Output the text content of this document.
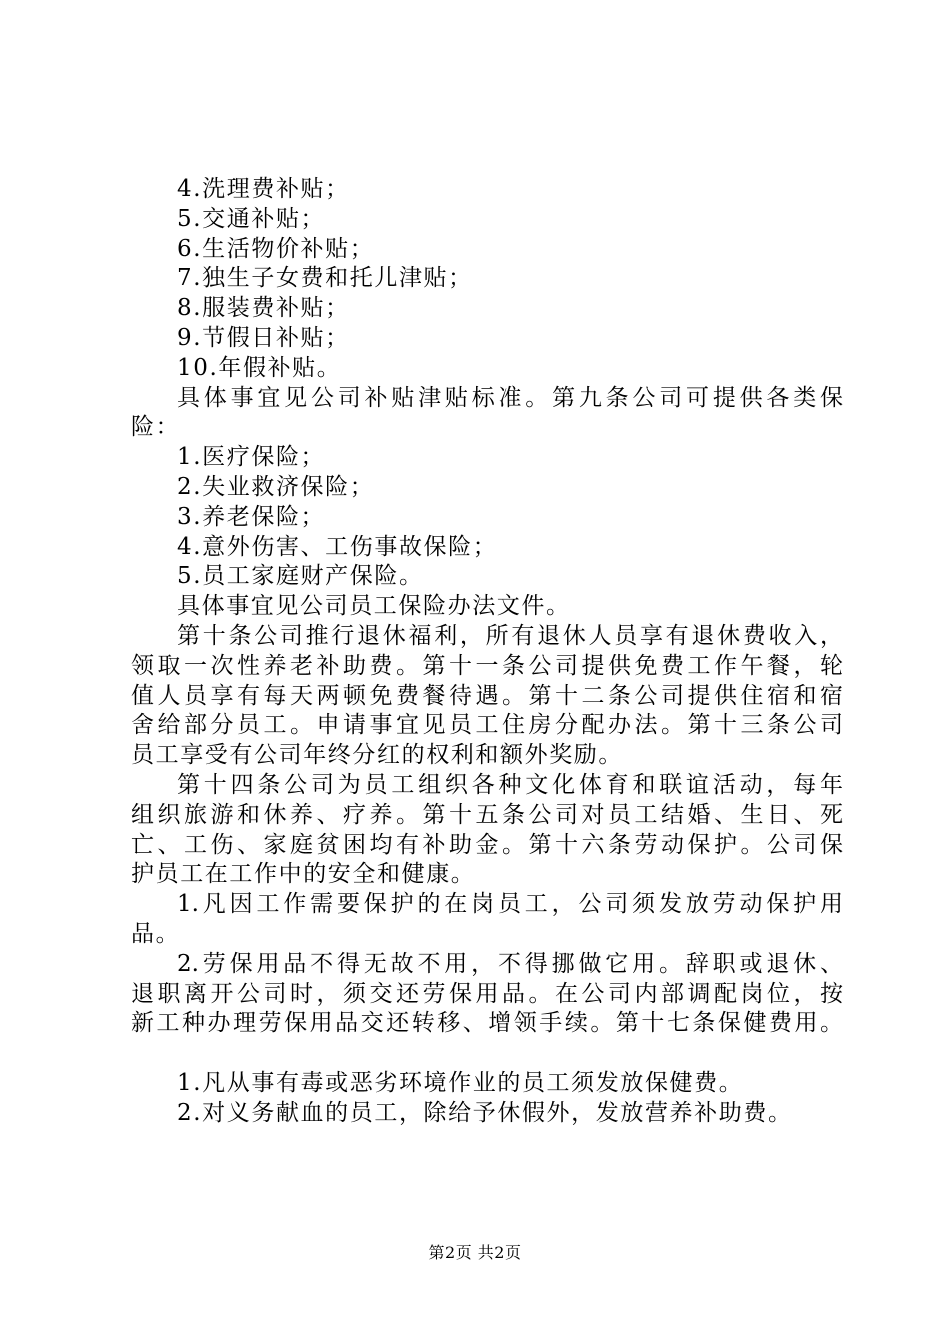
4.洗理费补贴；
5.交通补贴；
6.生活物价补贴；
7.独生子女费和托儿津贴；
8.服装费补贴；
9.节假日补贴；
10.年假补贴。
具体事宜见公司补贴津贴标准。第九条公司可提供各类保
险：
1.医疗保险；
2.失业救济保险；
3.养老保险；
4.意外伤害、工伤事故保险；
5.员工家庭财产保险。
具体事宜见公司员工保险办法文件。
第十条公司推行退休福利，所有退休人员享有退休费收入，
领取一次性养老补助费。第十一条公司提供免费工作午餐，轮
值人员享有每天两顿免费餐待遇。第十二条公司提供住宿和宿
舍给部分员工。申请事宜见员工住房分配办法。第十三条公司
员工享受有公司年终分红的权利和额外奖励。
第十四条公司为员工组织各种文化体育和联谊活动，每年
组织旅游和休养、疗养。第十五条公司对员工结婚、生日、死
亡、工伤、家庭贫困均有补助金。第十六条劳动保护。公司保
护员工在工作中的安全和健康。
1.凡因工作需要保护的在岗员工，公司须发放劳动保护用
品。
2.劳保用品不得无故不用，不得挪做它用。辞职或退休、
退职离开公司时，须交还劳保用品。在公司内部调配岗位，按
新工种办理劳保用品交还转移、增领手续。第十七条保健费用。
1.凡从事有毒或恶劣环境作业的员工须发放保健费。
2.对义务献血的员工，除给予休假外，发放营养补助费。
第2页 共2页
